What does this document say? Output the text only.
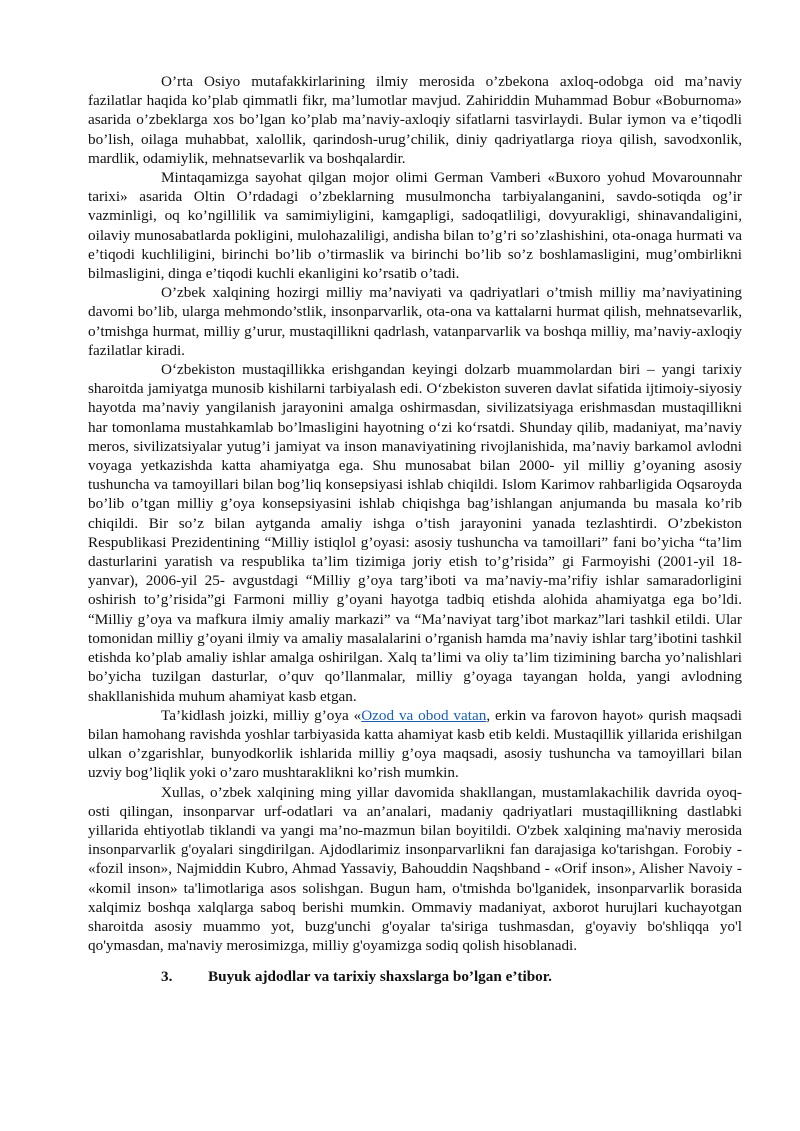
O’rta Osiyo mutafakkirlarining ilmiy merosida o’zbekona axloq-odobga oid ma’naviy fazilatlar haqida ko’plab qimmatli fikr, ma’lumotlar mavjud. Zahiriddin Muhammad Bobur «Boburnoma» asarida o’zbeklarga xos bo’lgan ko’plab ma’naviy-axloqiy sifatlarni tasvirlaydi. Bular iymon va e’tiqodli bo’lish, oilaga muhabbat, xalollik, qarindosh-urug’chilik, diniy qadriyatlarga rioya qilish, savodxonlik, mardlik, odamiylik, mehnatsevarlik va boshqalardir.

Mintaqamizga sayohat qilgan mojor olimi German Vamberi «Buxoro yohud Movarounnahr tarixi» asarida Oltin O’rdadagi o’zbeklarning musulmoncha tarbiyalanganini, savdo-sotiqda og’ir vazminligi, oq ko’ngillilik va samimiyligini, kamgapligi, sadoqatliligi, dovyurakligi, shinavandaligini, oilaviy munosabatlarda pokligini, mulohazaliligi, andisha bilan to’g’ri so’zlashishini, ota-onaga hurmati va e’tiqodi kuchliligini, birinchi bo’lib o’tirmaslik va birinchi bo’lib so’z boshlamasligini, mug’ombirlikni bilmasligini, dinga e’tiqodi kuchli ekanligini ko’rsatib o’tadi.

O’zbek xalqining hozirgi milliy ma’naviyati va qadriyatlari o’tmish milliy ma’naviyatining davomi bo’lib, ularga mehmondo’stlik, insonparvarlik, ota-ona va kattalarni hurmat qilish, mehnatsevarlik, o’tmishga hurmat, milliy g’urur, mustaqillikni qadrlash, vatanparvarlik va boshqa milliy, ma’naviy-axloqiy fazilatlar kiradi.

O‘zbekiston mustaqillikka erishgandan keyingi dolzarb muammolardan biri – yangi tarixiy sharoitda jamiyatga munosib kishilarni tarbiyalash edi. O‘zbekiston suveren davlat sifatida ijtimoiy-siyosiy hayotda ma’naviy yangilanish jarayonini amalga oshirmasdan, sivilizatsiyaga erishmasdan mustaqillikni har tomonlama mustahkamlab bo’lmasligini hayotning o‘zi ko‘rsatdi. Shunday qilib, madaniyat, ma’naviy meros, sivilizatsiyalar yutug’i jamiyat va inson manaviyatining rivojlanishida, ma’naviy barkamol avlodni voyaga yetkazishda katta ahamiyatga ega. Shu munosabat bilan 2000- yil milliy g’oyaning asosiy tushuncha va tamoyillari bilan bog’liq konsepsiyasi ishlab chiqildi. Islom Karimov rahbarligida Oqsaroyda bo’lib o’tgan milliy g’oya konsepsiyasini ishlab chiqishga bag’ishlangan anjumanda bu masala ko’rib chiqildi. Bir so’z bilan aytganda amaliy ishga o’tish jarayonini yanada tezlashtirdi. O’zbekiston Respublikasi Prezidentining “Milliy istiqlol g’oyasi: asosiy tushuncha va tamoillari” fani bo’yicha “ta’lim dasturlarini yaratish va respublika ta’lim tizimiga joriy etish to’g’risida” gi Farmoyishi (2001-yil 18-yanvar), 2006-yil 25- avgustdagi “Milliy g’oya targ’iboti va ma’naviy-ma’rifiy ishlar samaradorligini oshirish to’g’risida”gi Farmoni milliy g’oyani hayotga tadbiq etishda alohida ahamiyatga ega bo’ldi. “Milliy g’oya va mafkura ilmiy amaliy markazi” va “Ma’naviyat targ’ibot markaz”lari tashkil etildi. Ular tomonidan milliy g’oyani ilmiy va amaliy masalalarini o’rganish hamda ma’naviy ishlar targ’ibotini tashkil etishda ko’plab amaliy ishlar amalga oshirilgan. Xalq ta’limi va oliy ta’lim tizimining barcha yo’nalishlari bo’yicha tuzilgan dasturlar, o’quv qo’llanmalar, milliy g’oyaga tayangan holda, yangi avlodning shakllanishida muhum ahamiyat kasb etgan.

Ta’kidlash joizki, milliy g’oya «Ozod va obod vatan, erkin va farovon hayot» qurish maqsadi bilan hamohang ravishda yoshlar tarbiyasida katta ahamiyat kasb etib keldi. Mustaqillik yillarida erishilgan ulkan o’zgarishlar, bunyodkorlik ishlarida milliy g’oya maqsadi, asosiy tushuncha va tamoyillari bilan uzviy bog’liqlik yoki o’zaro mushtaraklikni ko’rish mumkin.

Xullas, o’zbek xalqining ming yillar davomida shakllangan, mustamlakachilik davrida oyoq-osti qilingan, insonparvar urf-odatlari va an’analari, madaniy qadriyatlari mustaqillikning dastlabki yillarida ehtiyotlab tiklandi va yangi ma’no-mazmun bilan boyitildi. O'zbek xalqining ma'naviy merosida insonparvarlik g'oyalari singdirilgan. Ajdodlarimiz insonparvarlikni fan darajasiga ko'tarishgan. Forobiy - «fozil inson», Najmiddin Kubro, Ahmad Yassaviy, Bahouddin Naqshband - «Orif inson», Alisher Navoiy - «komil inson» ta'limotlariga asos solishgan. Bugun ham, o'tmishda bo'lganidek, insonparvarlik borasida xalqimiz boshqa xalqlarga saboq berishi mumkin. Ommaviy madaniyat, axborot hurujlari kuchayotgan sharoitda asosiy muammo yot, buzg'unchi g'oyalar ta'siriga tushmasdan, g'oyaviy bo'shliqqa yo'l qo'ymasdan, ma'naviy merosimizga, milliy g'oyamizga sodiq qolish hisoblanadi.

3. Buyuk ajdodlar va tarixiy shaxslarga bo’lgan e’tibor.
